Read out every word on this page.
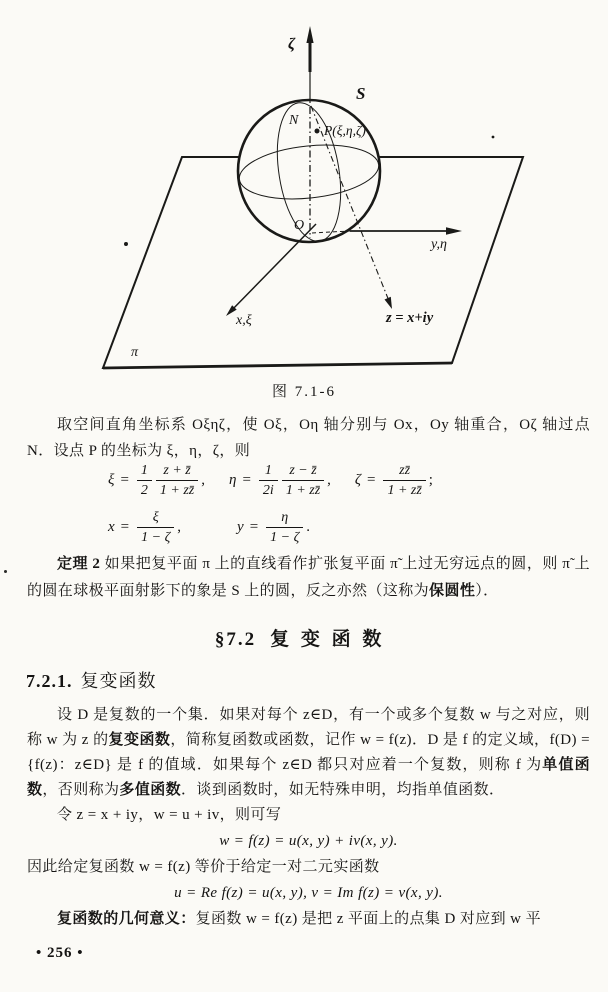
ζ
S
N
P(ξ,η,ζ)
O
y,η
x,ξ	z = x+iy
π
图 7.1-6
取空间直角坐标系 Oξηζ，使 Oξ，Oη 轴分别与 Ox，Oy 轴重合，Oζ 轴过点 N．设点 P 的坐标为 ξ，η，ζ，则
$\xi = \frac{1}{2} \frac{z + z̄}{1 + zz̄}$ , $\eta = \frac{1}{2i} \frac{z - z̄}{1 + zz̄}$ , $\zeta = \frac{zz̄}{1 + zz̄}$ ;
$x = \frac{\xi}{1 - \zeta}$ ,	$y = \frac{\eta}{1 - \zeta}$ .
定理 2 如果把复平面 π 上的直线看作扩张复平面 π̃ 上过无穷远点的圆，则 π̃ 上的圆在球极平面射影下的象是 S 上的圆，反之亦然（这称为保圆性）．
§7.2 复变函数
7.2.1. 复变函数

设 D 是复数的一个集．如果对每个 z∈D，有一个或多个复数 w 与之对应，则称 w 为 z 的复变函数，简称复函数或函数，记作 w = f(z)．D 是 f 的定义域，f(D) = {f(z)：z∈D} 是 f 的值域．如果每个 z∈D 都只对应着一个复数，则称 f 为单值函数，否则称为多值函数．谈到函数时，如无特殊申明，均指单值函数．

令 z = x + iy，w = u + iv，则可写

w = f(z) = u(x, y) + iv(x, y).

因此给定复函数 w = f(z) 等价于给定一对二元实函数

u = Re f(z) = u(x, y), v = Im f(z) = v(x, y).

复函数的几何意义：复函数 w = f(z) 是把 z 平面上的点集 D 对应到 w 平

• 256 •
